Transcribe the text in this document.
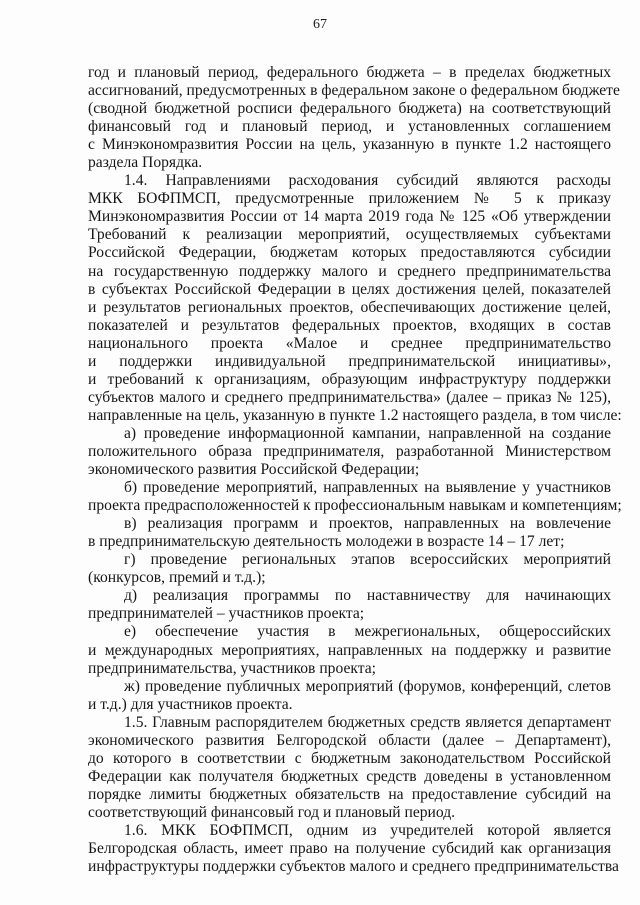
67
год и плановый период, федерального бюджета – в пределах бюджетных
ассигнований, предусмотренных в федеральном законе о федеральном бюджете
(сводной бюджетной росписи федерального бюджета) на соответствующий
финансовый год и плановый период, и установленных соглашением
с Минэкономразвития России на цель, указанную в пункте 1.2 настоящего
раздела Порядка.
1.4. Направлениями расходования субсидий являются расходы
МКК БОФПМСП, предусмотренные приложением № 5 к приказу
Минэкономразвития России от 14 марта 2019 года № 125 «Об утверждении
Требований к реализации мероприятий, осуществляемых субъектами
Российской Федерации, бюджетам которых предоставляются субсидии
на государственную поддержку малого и среднего предпринимательства
в субъектах Российской Федерации в целях достижения целей, показателей
и результатов региональных проектов, обеспечивающих достижение целей,
показателей и результатов федеральных проектов, входящих в состав
национального проекта «Малое и среднее предпринимательство
и поддержки индивидуальной предпринимательской инициативы»,
и требований к организациям, образующим инфраструктуру поддержки
субъектов малого и среднего предпринимательства» (далее – приказ № 125),
направленные на цель, указанную в пункте 1.2 настоящего раздела, в том числе:
а) проведение информационной кампании, направленной на создание
положительного образа предпринимателя, разработанной Министерством
экономического развития Российской Федерации;
б) проведение мероприятий, направленных на выявление у участников
проекта предрасположенностей к профессиональным навыкам и компетенциям;
в) реализация программ и проектов, направленных на вовлечение
в предпринимательскую деятельность молодежи в возрасте 14 – 17 лет;
г) проведение региональных этапов всероссийских мероприятий
(конкурсов, премий и т.д.);
д) реализация программы по наставничеству для начинающих
предпринимателей – участников проекта;
е) обеспечение участия в межрегиональных, общероссийских
и международных мероприятиях, направленных на поддержку и развитие
предпринимательства, участников проекта;
ж) проведение публичных мероприятий (форумов, конференций, слетов
и т.д.) для участников проекта.
1.5. Главным распорядителем бюджетных средств является департамент
экономического развития Белгородской области (далее – Департамент),
до которого в соответствии с бюджетным законодательством Российской
Федерации как получателя бюджетных средств доведены в установленном
порядке лимиты бюджетных обязательств на предоставление субсидий на
соответствующий финансовый год и плановый период.
1.6. МКК БОФПМСП, одним из учредителей которой является
Белгородская область, имеет право на получение субсидий как организация
инфраструктуры поддержки субъектов малого и среднего предпринимательства
